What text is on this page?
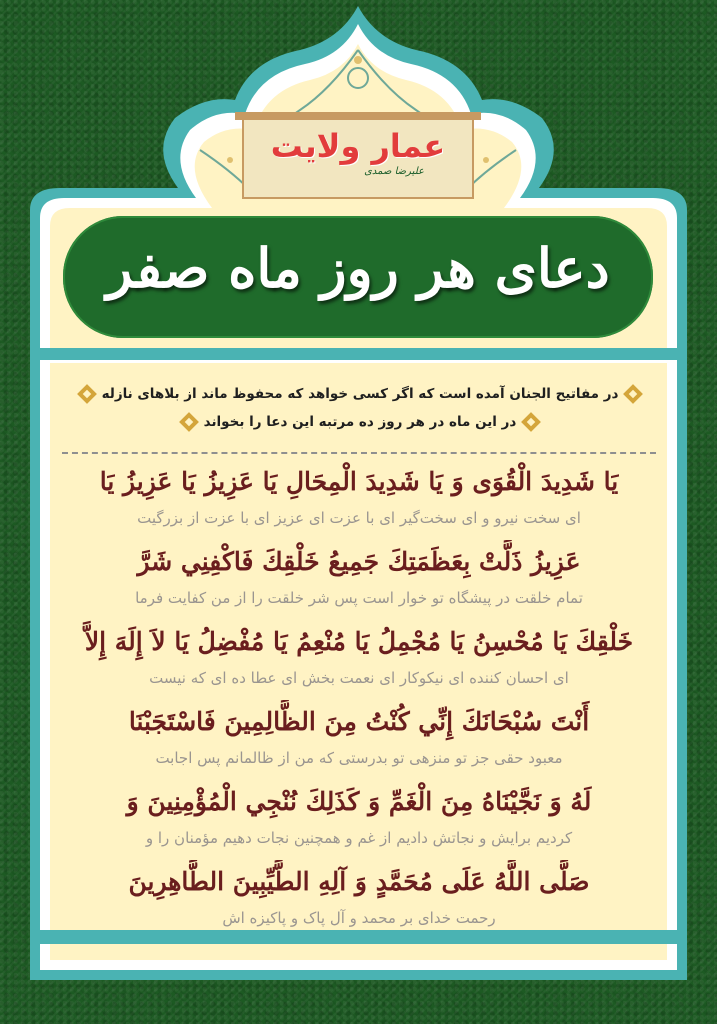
عمار ولایت
علیرضا صمدی
دعای هر روز ماه صفر
در مفاتیح الجنان آمده است که اگر کسی خواهد که محفوظ ماند از بلاهای نازله
در این ماه در هر روز ده مرتبه این دعا را بخواند
يَا شَدِيدَ الْقُوَى وَ يَا شَدِيدَ الْمِحَالِ يَا عَزِيزُ يَا عَزِيزُ يَا
ای سخت نیرو و ای سخت‌گیر ای با عزت ای عزیز ای با عزت از بزرگیت
عَزِيزُ ذَلَّتْ بِعَظَمَتِكَ جَمِيعُ خَلْقِكَ فَاكْفِنِي شَرَّ
تمام خلقت در پیشگاه تو خوار است پس شر خلقت را از من کفایت فرما
خَلْقِكَ يَا مُحْسِنُ يَا مُجْمِلُ يَا مُنْعِمُ يَا مُفْضِلُ يَا لاَ إِلَهَ إِلاَّ
ای احسان کننده ای نیکوکار ای نعمت بخش ای عطا ده ای که نیست
أَنْتَ سُبْحَانَكَ إِنِّي كُنْتُ مِنَ الظَّالِمِينَ فَاسْتَجَبْنَا
معبود حقی جز تو منزهی تو بدرستی که من از ظالمانم پس اجابت
لَهُ وَ نَجَّيْنَاهُ مِنَ الْغَمِّ وَ كَذَلِكَ نُنْجِي الْمُؤْمِنِينَ وَ
کردیم برایش و نجاتش دادیم از غم و همچنین نجات دهیم مؤمنان را و
صَلَّى اللَّهُ عَلَى مُحَمَّدٍ وَ آلِهِ الطَّيِّبِينَ الطَّاهِرِينَ
رحمت خدای بر محمد و آل پاک و پاکیزه اش
